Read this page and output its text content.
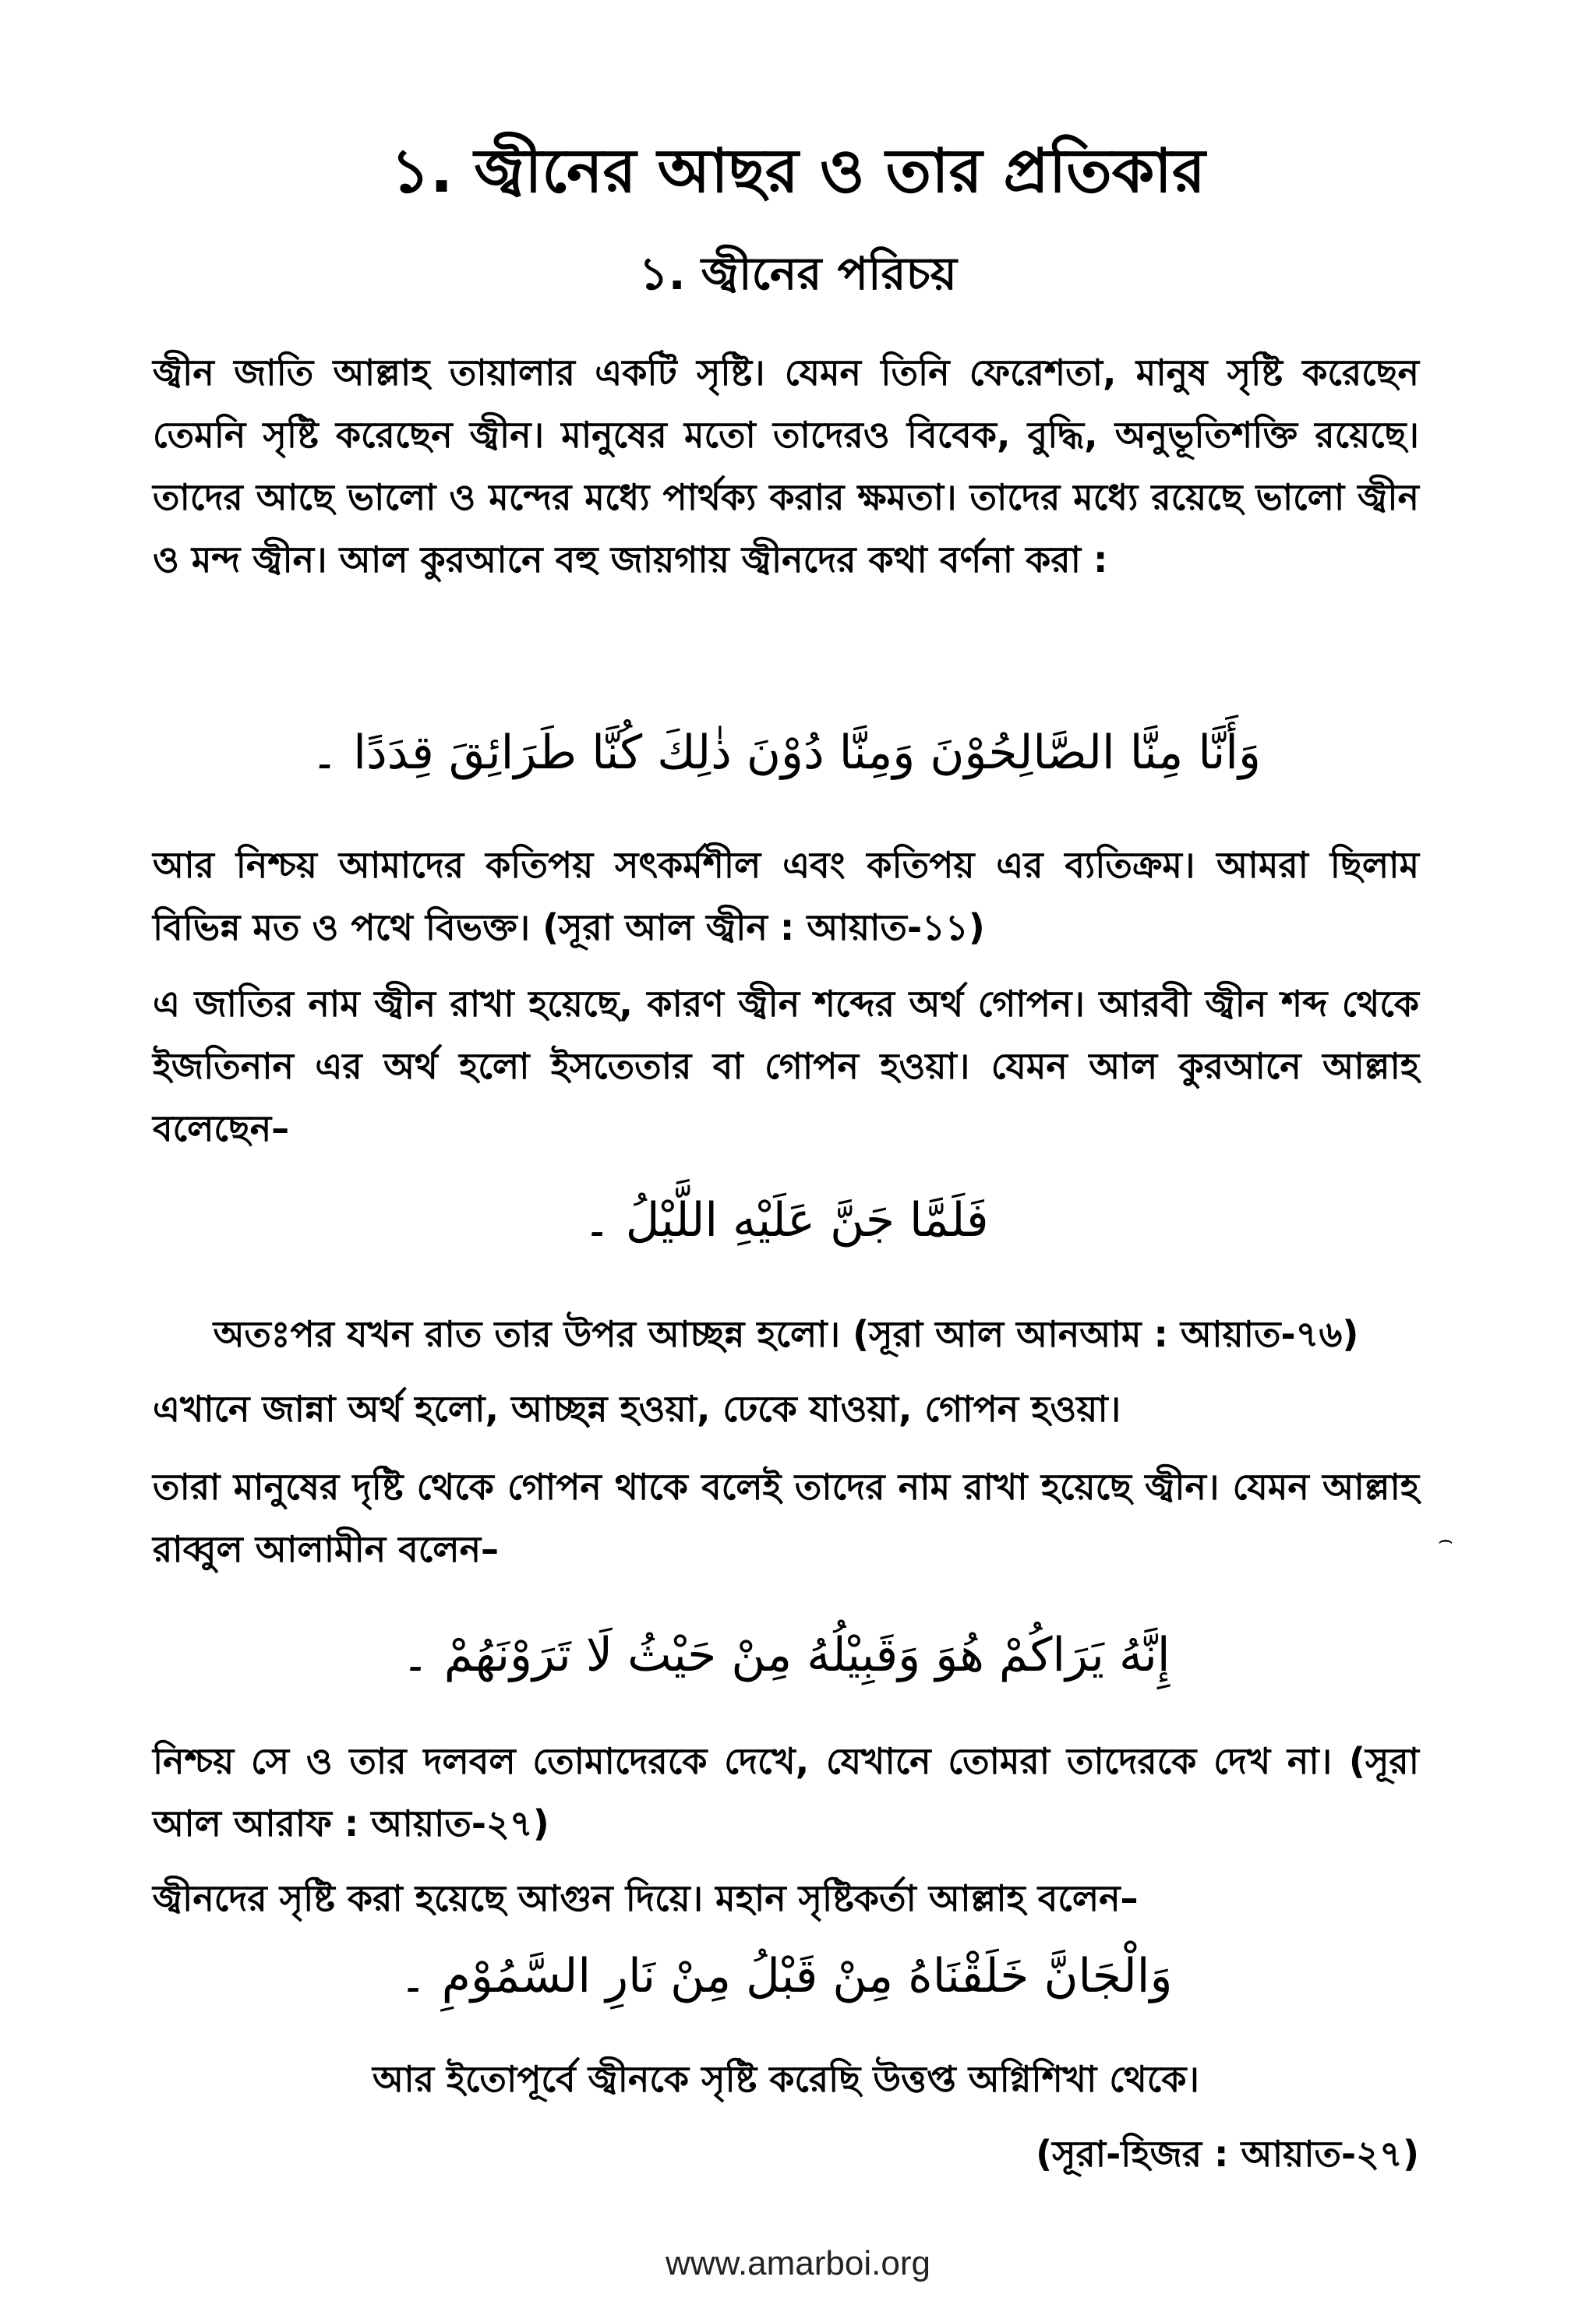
১. জ্বীনের আছর ও তার প্রতিকার
১. জ্বীনের পরিচয়

জ্বীন জাতি আল্লাহ তায়ালার একটি সৃষ্টি। যেমন তিনি ফেরেশতা, মানুষ সৃষ্টি করেছেন তেমনি সৃষ্টি করেছেন জ্বীন। মানুষের মতো তাদেরও বিবেক, বুদ্ধি, অনুভূতিশক্তি রয়েছে। তাদের আছে ভালো ও মন্দের মধ্যে পার্থক্য করার ক্ষমতা। তাদের মধ্যে রয়েছে ভালো জ্বীন ও মন্দ জ্বীন। আল কুরআনে বহু জায়গায় জ্বীনদের কথা বর্ণনা করা :

وَأَنَّا مِنَّا الصَّالِحُوْنَ وَمِنَّا دُوْنَ ذٰلِكَ كُنَّا طَرَائِقَ قِدَدًا ۔

আর নিশ্চয় আমাদের কতিপয় সৎকর্মশীল এবং কতিপয় এর ব্যতিক্রম। আমরা ছিলাম বিভিন্ন মত ও পথে বিভক্ত। (সূরা আল জ্বীন : আয়াত-১১)

এ জাতির নাম জ্বীন রাখা হয়েছে, কারণ জ্বীন শব্দের অর্থ গোপন। আরবী জ্বীন শব্দ থেকে ইজতিনান এর অর্থ হলো ইসতেতার বা গোপন হওয়া। যেমন আল কুরআনে আল্লাহ বলেছেন–

فَلَمَّا جَنَّ عَلَيْهِ اللَّيْلُ ۔

অতঃপর যখন রাত তার উপর আচ্ছন্ন হলো। (সূরা আল আনআম : আয়াত-৭৬)

এখানে জান্না অর্থ হলো, আচ্ছন্ন হওয়া, ঢেকে যাওয়া, গোপন হওয়া।

তারা মানুষের দৃষ্টি থেকে গোপন থাকে বলেই তাদের নাম রাখা হয়েছে জ্বীন। যেমন আল্লাহ রাব্বুল আলামীন বলেন–	⌢

إِنَّهُ يَرَاكُمْ هُوَ وَقَبِيْلُهُ مِنْ حَيْثُ لَا تَرَوْنَهُمْ ۔

নিশ্চয় সে ও তার দলবল তোমাদেরকে দেখে, যেখানে তোমরা তাদেরকে দেখ না। (সূরা আল আরাফ : আয়াত-২৭)

জ্বীনদের সৃষ্টি করা হয়েছে আগুন দিয়ে। মহান সৃষ্টিকর্তা আল্লাহ বলেন–

وَالْجَانَّ خَلَقْنَاهُ مِنْ قَبْلُ مِنْ نَارِ السَّمُوْمِ ۔

আর ইতোপূর্বে জ্বীনকে সৃষ্টি করেছি উত্তপ্ত অগ্নিশিখা থেকে।

(সূরা-হিজর : আয়াত-২৭)

www.amarboi.org
